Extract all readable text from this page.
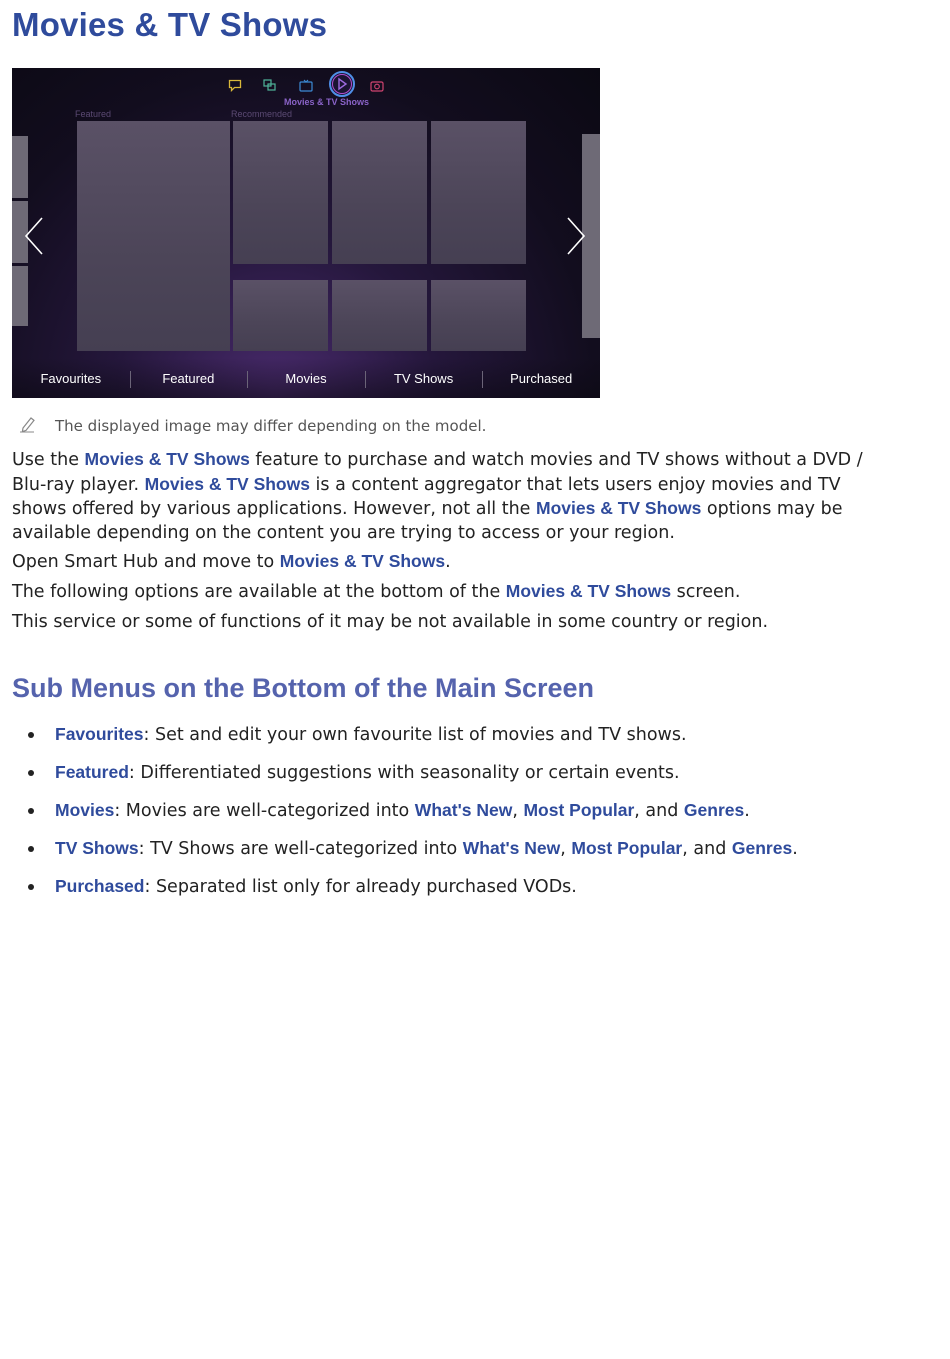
Movies & TV Shows
Movies & TV Shows
Featured	Recommended
Favourites	Featured	Movies	TV Shows	Purchased
The displayed image may differ depending on the model.

Use the Movies & TV Shows feature to purchase and watch movies and TV shows without a DVD / Blu-ray player. Movies & TV Shows is a content aggregator that lets users enjoy movies and TV shows offered by various applications. However, not all the Movies & TV Shows options may be available depending on the content you are trying to access or your region.

Open Smart Hub and move to Movies & TV Shows.

The following options are available at the bottom of the Movies & TV Shows screen.

This service or some of functions of it may be not available in some country or region.

Sub Menus on the Bottom of the Main Screen
Favourites: Set and edit your own favourite list of movies and TV shows.
Featured: Differentiated suggestions with seasonality or certain events.
Movies: Movies are well-categorized into What's New, Most Popular, and Genres.
TV Shows: TV Shows are well-categorized into What's New, Most Popular, and Genres.
Purchased: Separated list only for already purchased VODs.
